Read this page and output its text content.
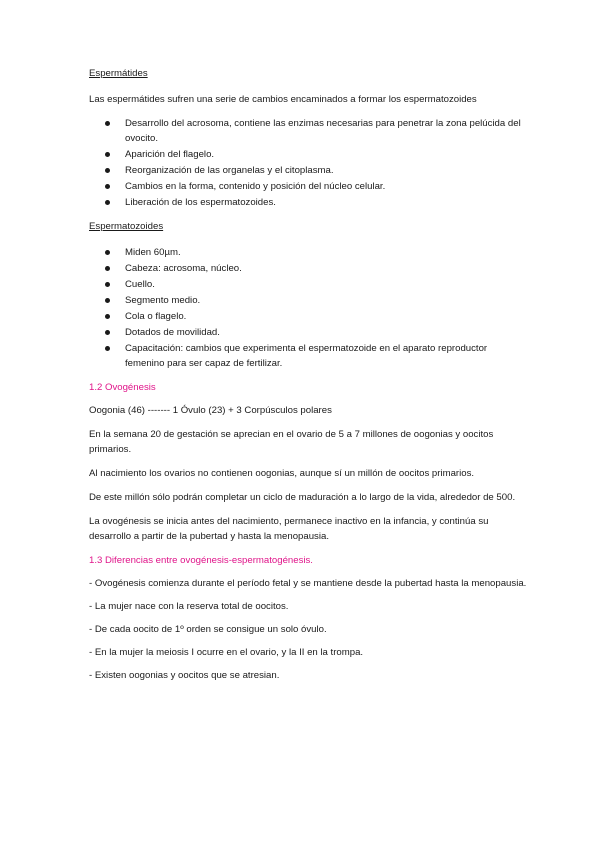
Espermátides
Las espermátides sufren una serie de cambios encaminados a formar los espermatozoides
Desarrollo del acrosoma, contiene las enzimas necesarias para penetrar la zona pelúcida del ovocito.
Aparición del flagelo.
Reorganización de las organelas y el citoplasma.
Cambios en la forma, contenido y posición del núcleo celular.
Liberación de los espermatozoides.
Espermatozoides
Miden 60µm.
Cabeza: acrosoma, núcleo.
Cuello.
Segmento medio.
Cola o flagelo.
Dotados de movilidad.
Capacitación: cambios que experimenta el espermatozoide en el aparato reproductor femenino para ser capaz de fertilizar.
1.2 Ovogénesis
Oogonia (46) ------- 1 Óvulo (23) + 3 Corpúsculos polares
En la semana 20 de gestación se aprecian en el ovario de 5 a 7 millones de oogonias y oocitos primarios.
Al nacimiento los ovarios no contienen oogonias, aunque sí un millón de oocitos primarios.
De este millón sólo podrán completar un ciclo de maduración a lo largo de la vida, alrededor de 500.
La ovogénesis se inicia antes del nacimiento, permanece inactivo en la infancia, y continúa su desarrollo a partir de la pubertad y hasta la menopausia.
1.3 Diferencias entre ovogénesis-espermatogénesis.
- Ovogénesis comienza durante el período fetal y se mantiene desde la pubertad hasta la menopausia.
- La mujer nace con la reserva total de oocitos.
- De cada oocito de 1º orden se consigue un solo óvulo.
- En la mujer la meiosis I ocurre en el ovario, y la II en la trompa.
- Existen oogonias y oocitos que se atresian.
